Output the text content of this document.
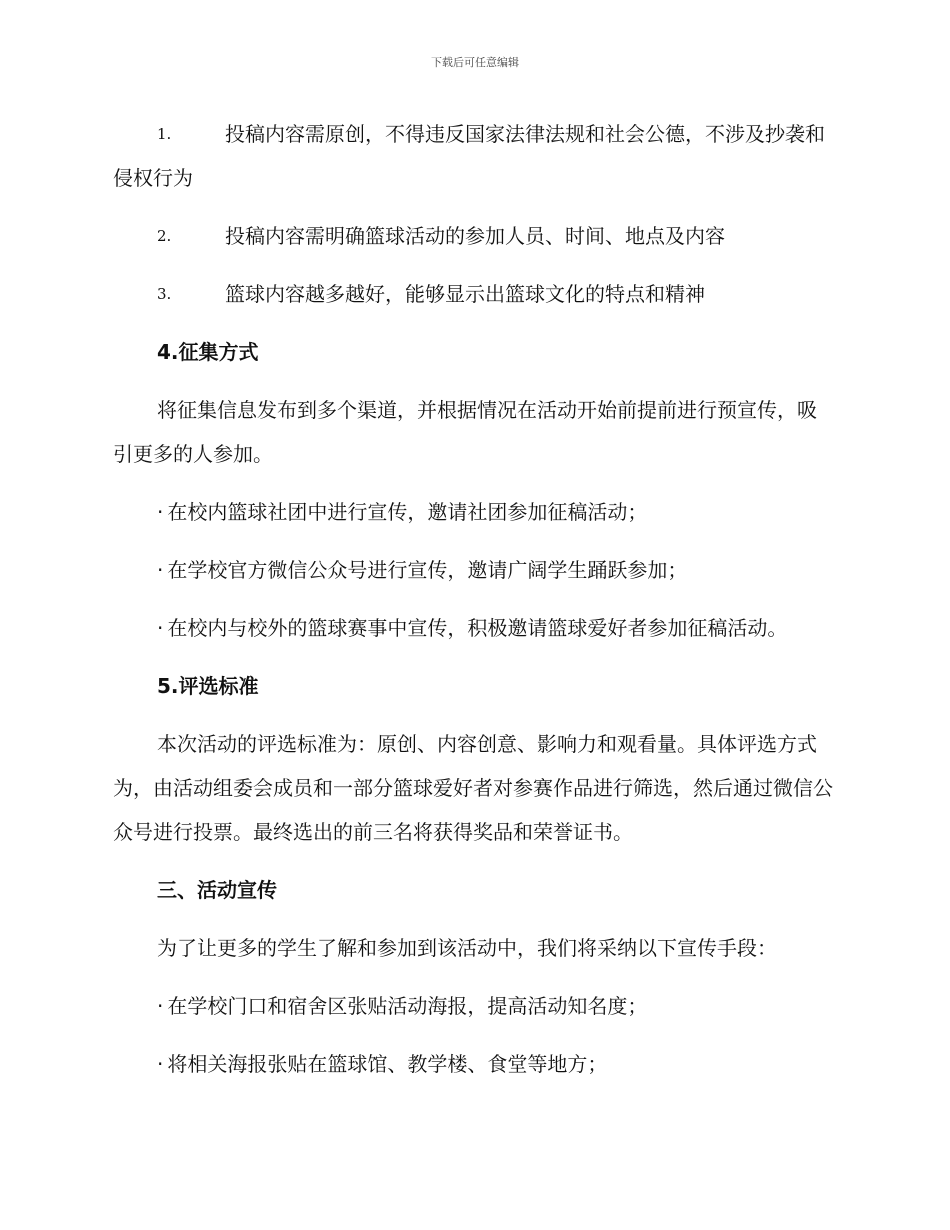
下载后可任意编辑
1.	投稿内容需原创，不得违反国家法律法规和社会公德，不涉及抄袭和侵权行为
2.	投稿内容需明确篮球活动的参加人员、时间、地点及内容
3.	篮球内容越多越好，能够显示出篮球文化的特点和精神
4.征集方式
将征集信息发布到多个渠道，并根据情况在活动开始前提前进行预宣传，吸引更多的人参加。
· 在校内篮球社团中进行宣传，邀请社团参加征稿活动；
· 在学校官方微信公众号进行宣传，邀请广阔学生踊跃参加；
· 在校内与校外的篮球赛事中宣传，积极邀请篮球爱好者参加征稿活动。
5.评选标准
本次活动的评选标准为：原创、内容创意、影响力和观看量。具体评选方式为，由活动组委会成员和一部分篮球爱好者对参赛作品进行筛选，然后通过微信公众号进行投票。最终选出的前三名将获得奖品和荣誉证书。
三、活动宣传
为了让更多的学生了解和参加到该活动中，我们将采纳以下宣传手段：
· 在学校门口和宿舍区张贴活动海报，提高活动知名度；
· 将相关海报张贴在篮球馆、教学楼、食堂等地方；
